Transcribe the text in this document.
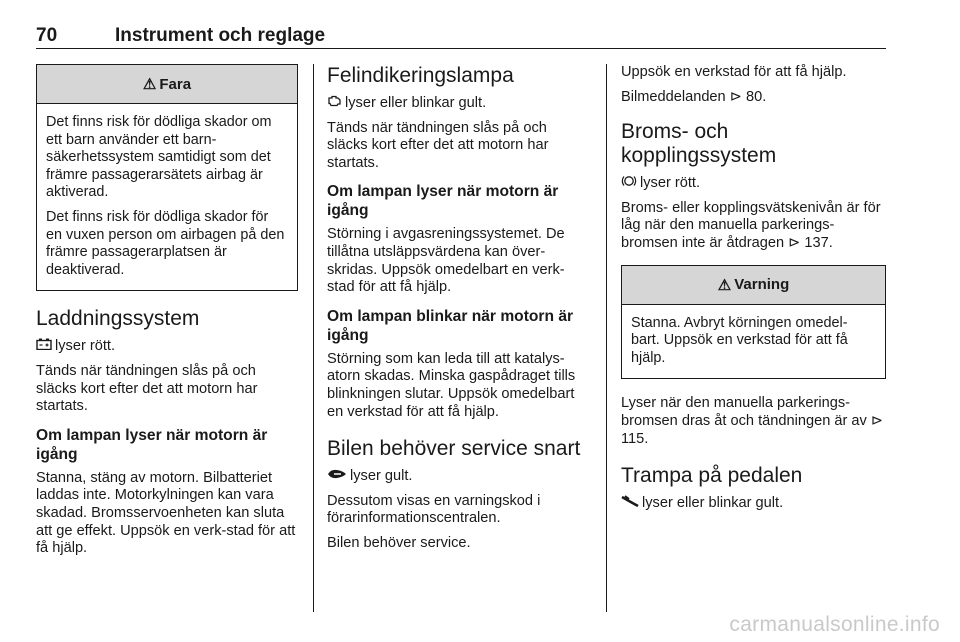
70	Instrument och reglage
⚠ Fara

Det finns risk för dödliga skador om ett barn använder ett barn-säkerhetssystem samtidigt som det främre passagerarsätets airbag är aktiverad.

Det finns risk för dödliga skador för en vuxen person om airbagen på den främre passagerarplatsen är deaktiverad.

Laddningssystem

lyser rött.

Tänds när tändningen slås på och släcks kort efter det att motorn har startats.

Om lampan lyser när motorn är igång

Stanna, stäng av motorn. Bilbatteriet laddas inte. Motorkylningen kan vara skadad. Bromsservoenheten kan sluta att ge effekt. Uppsök en verk-stad för att få hjälp.

Felindikeringslampa

lyser eller blinkar gult.

Tänds när tändningen slås på och släcks kort efter det att motorn har startats.

Om lampan lyser när motorn är igång

Störning i avgasreningssystemet. De tillåtna utsläppsvärdena kan över-skridas. Uppsök omedelbart en verk-stad för att få hjälp.

Om lampan blinkar när motorn är igång

Störning som kan leda till att katalys-atorn skadas. Minska gaspådraget tills blinkningen slutar. Uppsök omedelbart en verkstad för att få hjälp.

Bilen behöver service snart

lyser gult.

Dessutom visas en varningskod i förarinformationscentralen.

Bilen behöver service.

Uppsök en verkstad för att få hjälp.

Bilmeddelanden ⊳ 80.

Broms- och kopplingssystem

lyser rött.

Broms- eller kopplingsvätskenivån är för låg när den manuella parkerings-bromsen inte är åtdragen ⊳ 137.

⚠ Varning

Stanna. Avbryt körningen omedel-bart. Uppsök en verkstad för att få hjälp.

Lyser när den manuella parkerings-bromsen dras åt och tändningen är av ⊳ 115.

Trampa på pedalen

lyser eller blinkar gult.

carmanualsonline.info
